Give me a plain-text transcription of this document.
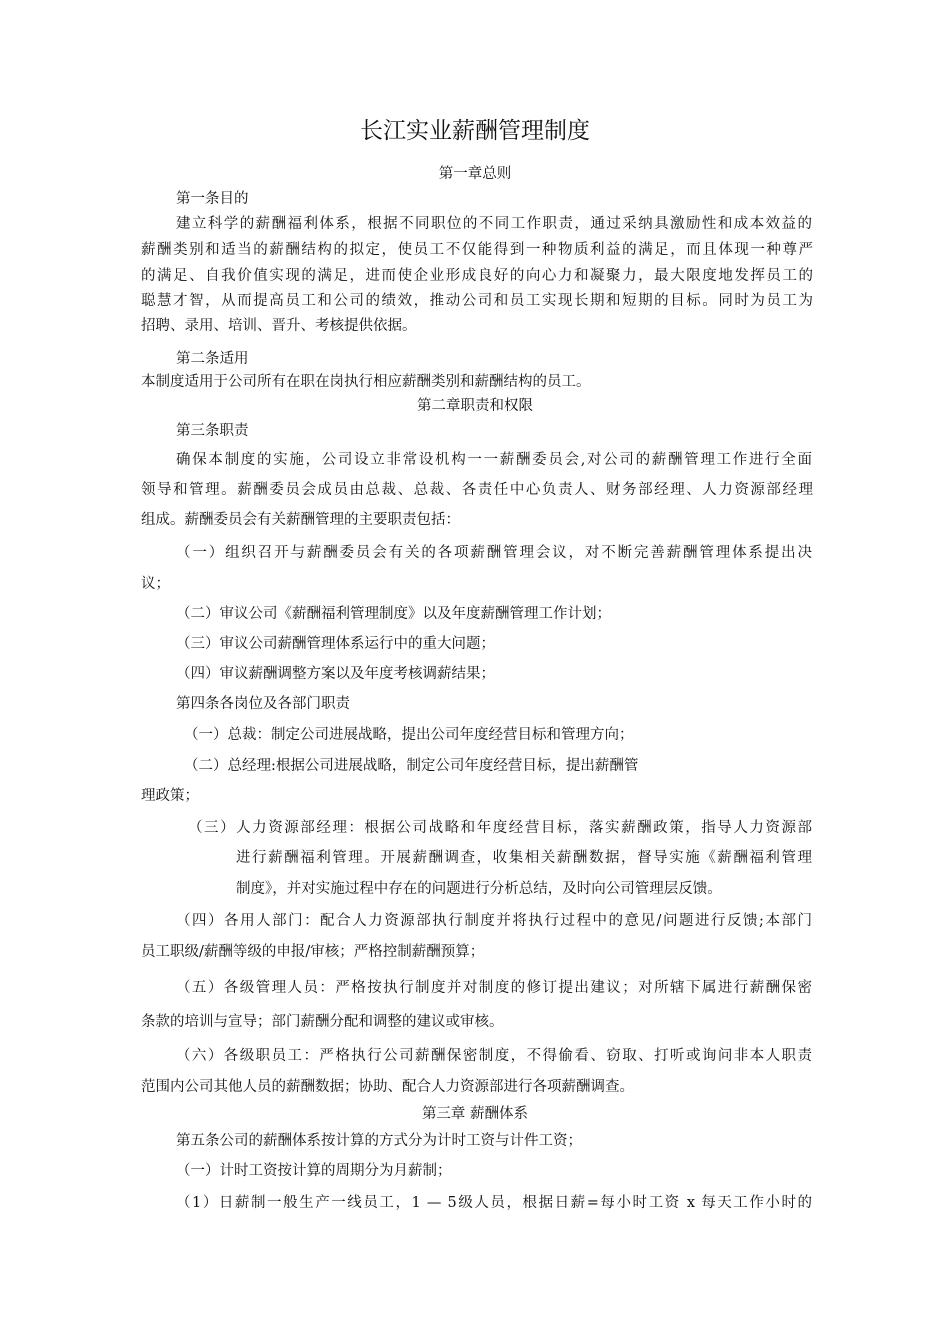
长江实业薪酬管理制度
第一章总则
第一条目的
建立科学的薪酬福利体系，根据不同职位的不同工作职责，通过采纳具激励性和成本效益的
薪酬类别和适当的薪酬结构的拟定，使员工不仅能得到一种物质利益的满足，而且体现一种尊严
的满足、自我价值实现的满足，进而使企业形成良好的向心力和凝聚力，最大限度地发挥员工的
聪慧才智，从而提高员工和公司的绩效，推动公司和员工实现长期和短期的目标。同时为员工为
招聘、录用、培训、晋升、考核提供依据。
第二条适用
本制度适用于公司所有在职在岗执行相应薪酬类别和薪酬结构的员工。
第二章职责和权限
第三条职责
确保本制度的实施，公司设立非常设机构一一薪酬委员会,对公司的薪酬管理工作进行全面
领导和管理。薪酬委员会成员由总裁、总裁、各责任中心负责人、财务部经理、人力资源部经理
组成。薪酬委员会有关薪酬管理的主要职责包括：
（一）组织召开与薪酬委员会有关的各项薪酬管理会议，对不断完善薪酬管理体系提出决
议；
（二）审议公司《薪酬福利管理制度》以及年度薪酬管理工作计划；
（三）审议公司薪酬管理体系运行中的重大问题；
（四）审议薪酬调整方案以及年度考核调薪结果；
第四条各岗位及各部门职责
（一）总裁：制定公司进展战略，提出公司年度经营目标和管理方向；
（二）总经理:根据公司进展战略，制定公司年度经营目标，提出薪酬管
理政策；
（三）人力资源部经理：根据公司战略和年度经营目标，落实薪酬政策，指导人力资源部
进行薪酬福利管理。开展薪酬调查，收集相关薪酬数据，督导实施《薪酬福利管理
制度》，并对实施过程中存在的问题进行分析总结，及时向公司管理层反馈。
（四）各用人部门：配合人力资源部执行制度并将执行过程中的意见/问题进行反馈;本部门
员工职级/薪酬等级的申报/审核；严格控制薪酬预算；
（五）各级管理人员：严格按执行制度并对制度的修订提出建议；对所辖下属进行薪酬保密
条款的培训与宣导；部门薪酬分配和调整的建议或审核。
（六）各级职员工：严格执行公司薪酬保密制度，不得偷看、窃取、打听或询问非本人职责
范围内公司其他人员的薪酬数据；协助、配合人力资源部进行各项薪酬调查。
第三章 薪酬体系
第五条公司的薪酬体系按计算的方式分为计时工资与计件工资；
（一）计时工资按计算的周期分为月薪制；
（1）日薪制一般生产一线员工，1 — 5级人员，根据日薪=每小时工资 x 每天工作小时的
